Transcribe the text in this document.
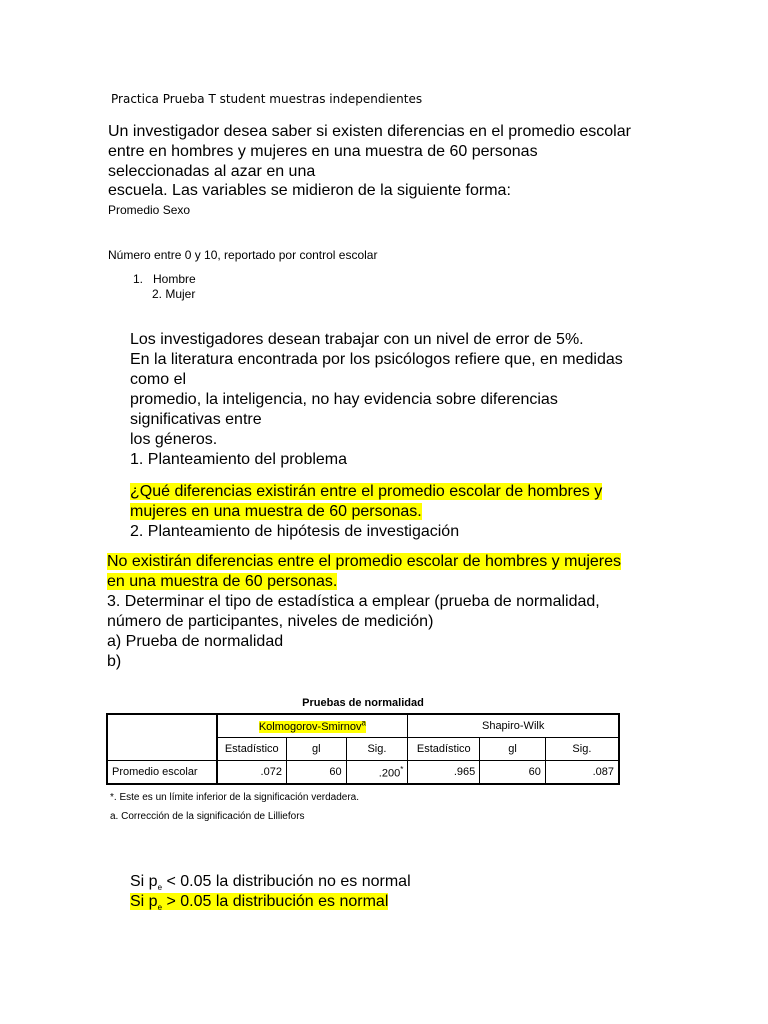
Practica Prueba T student muestras independientes
Un investigador desea saber si existen diferencias en el promedio escolar
entre en hombres y mujeres en una muestra de 60 personas
seleccionadas al azar en una
escuela. Las variables se midieron de la siguiente forma:
Promedio Sexo
Número entre 0 y 10, reportado por control escolar
1. Hombre
2. Mujer
Los investigadores desean trabajar con un nivel de error de 5%.
En la literatura encontrada por los psicólogos refiere que, en medidas
como el
promedio, la inteligencia, no hay evidencia sobre diferencias
significativas entre
los géneros.
1. Planteamiento del problema
¿Qué diferencias existirán entre el promedio escolar de hombres y
mujeres en una muestra de 60 personas.
2. Planteamiento de hipótesis de investigación
No existirán diferencias entre el promedio escolar de hombres y mujeres
en una muestra de 60 personas.
3. Determinar el tipo de estadística a emplear (prueba de normalidad,
número de participantes, niveles de medición)
a) Prueba de normalidad
b)
Pruebas de normalidad
	Kolmogorov-Smirnov$^a$			Shapiro-Wilk		
	Estadístico	gl	Sig.	Estadístico	gl	Sig.
Promedio escolar	.072	60	.200*	.965	60	.087
*. Este es un límite inferior de la significación verdadera.
a. Corrección de la significación de Lilliefors
Si $p_e < 0.05$ la distribución no es normal
Si $p_e > 0.05$ la distribución es normal
